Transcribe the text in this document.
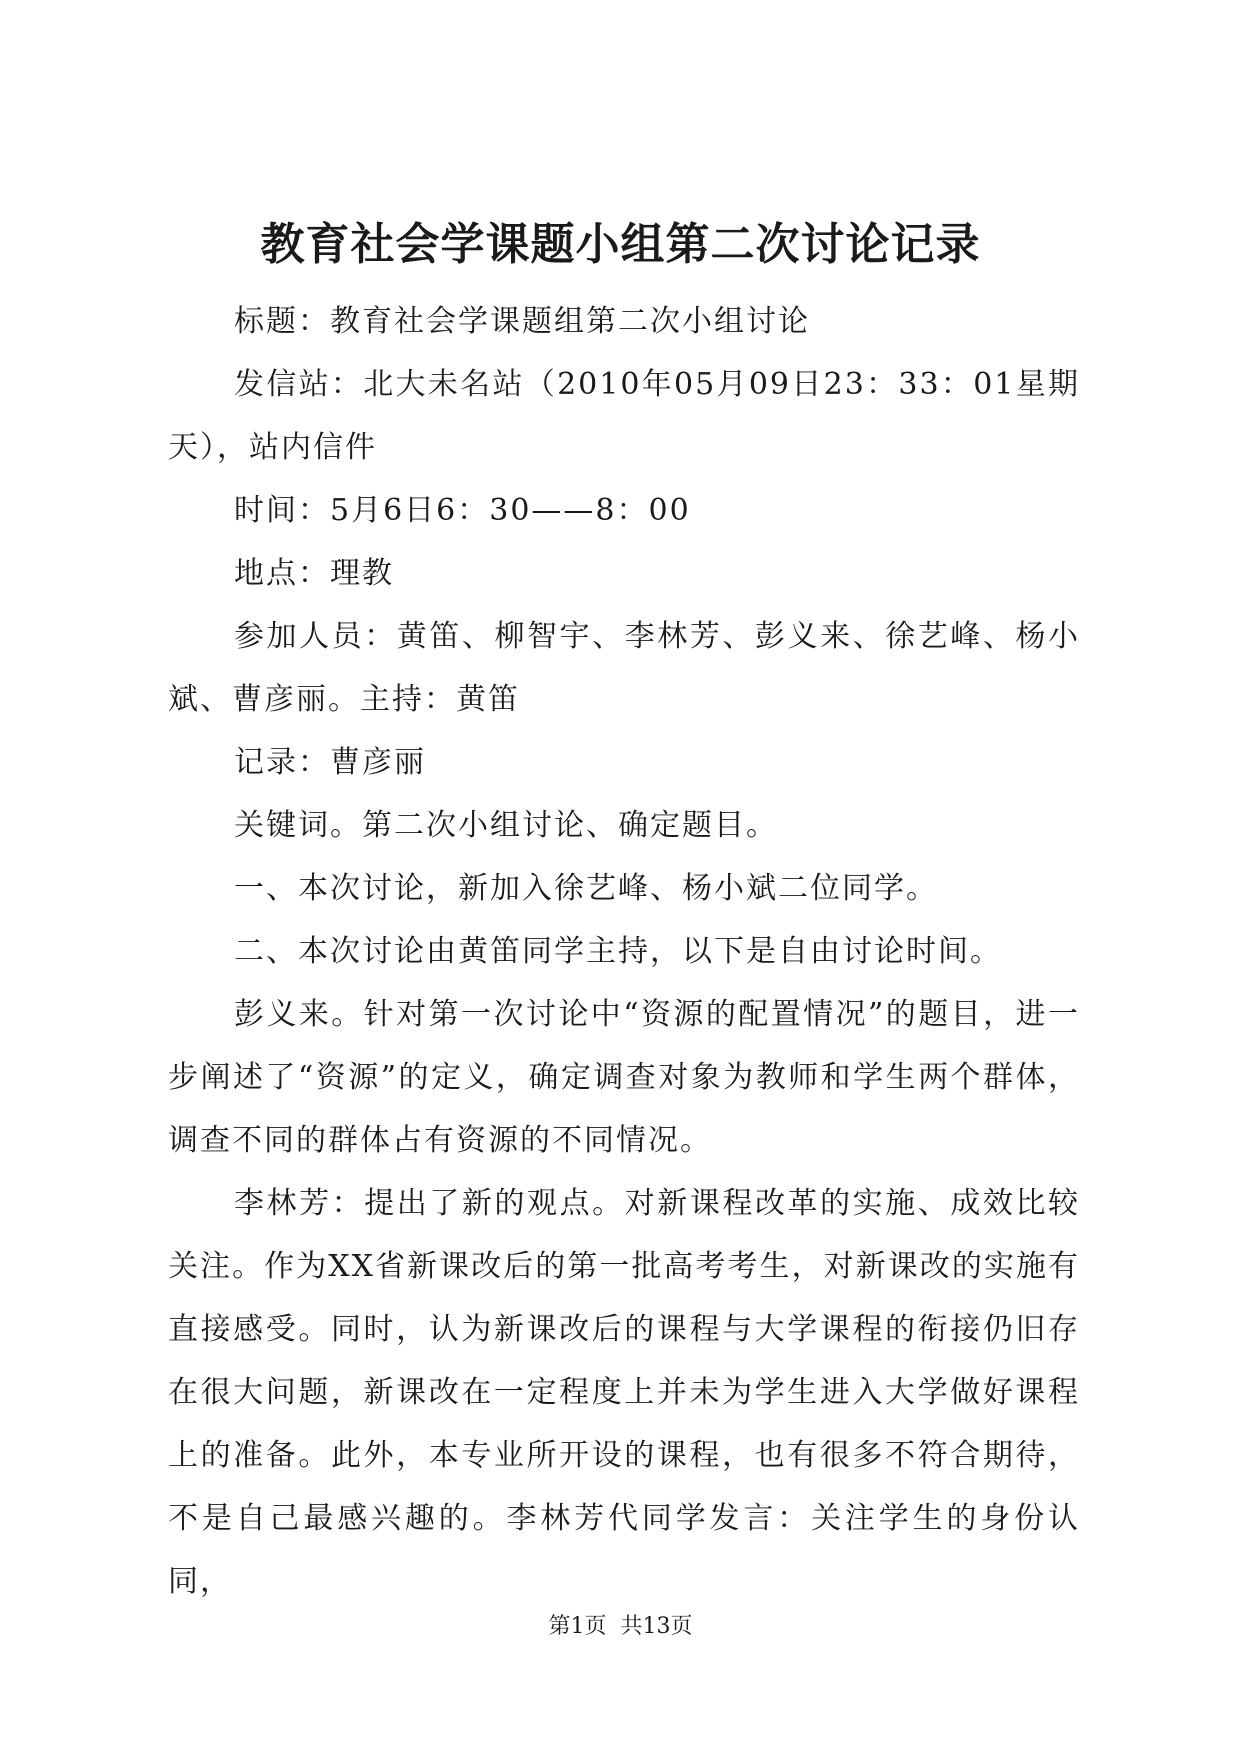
教育社会学课题小组第二次讨论记录

标题：教育社会学课题组第二次小组讨论

发信站：北大未名站（2010年05月09日23：33：01星期天），站内信件

时间：5月6日6：30——8：00

地点：理教

参加人员：黄笛、柳智宇、李林芳、彭义来、徐艺峰、杨小斌、曹彦丽。主持：黄笛

记录：曹彦丽

关键词。第二次小组讨论、确定题目。

一、本次讨论，新加入徐艺峰、杨小斌二位同学。

二、本次讨论由黄笛同学主持，以下是自由讨论时间。

彭义来。针对第一次讨论中“资源的配置情况”的题目，进一步阐述了“资源”的定义，确定调查对象为教师和学生两个群体，调查不同的群体占有资源的不同情况。

李林芳：提出了新的观点。对新课程改革的实施、成效比较关注。作为XX省新课改后的第一批高考考生，对新课改的实施有直接感受。同时，认为新课改后的课程与大学课程的衔接仍旧存在很大问题，新课改在一定程度上并未为学生进入大学做好课程上的准备。此外，本专业所开设的课程，也有很多不符合期待，不是自己最感兴趣的。李林芳代同学发言：关注学生的身份认同，

第1页  共13页
